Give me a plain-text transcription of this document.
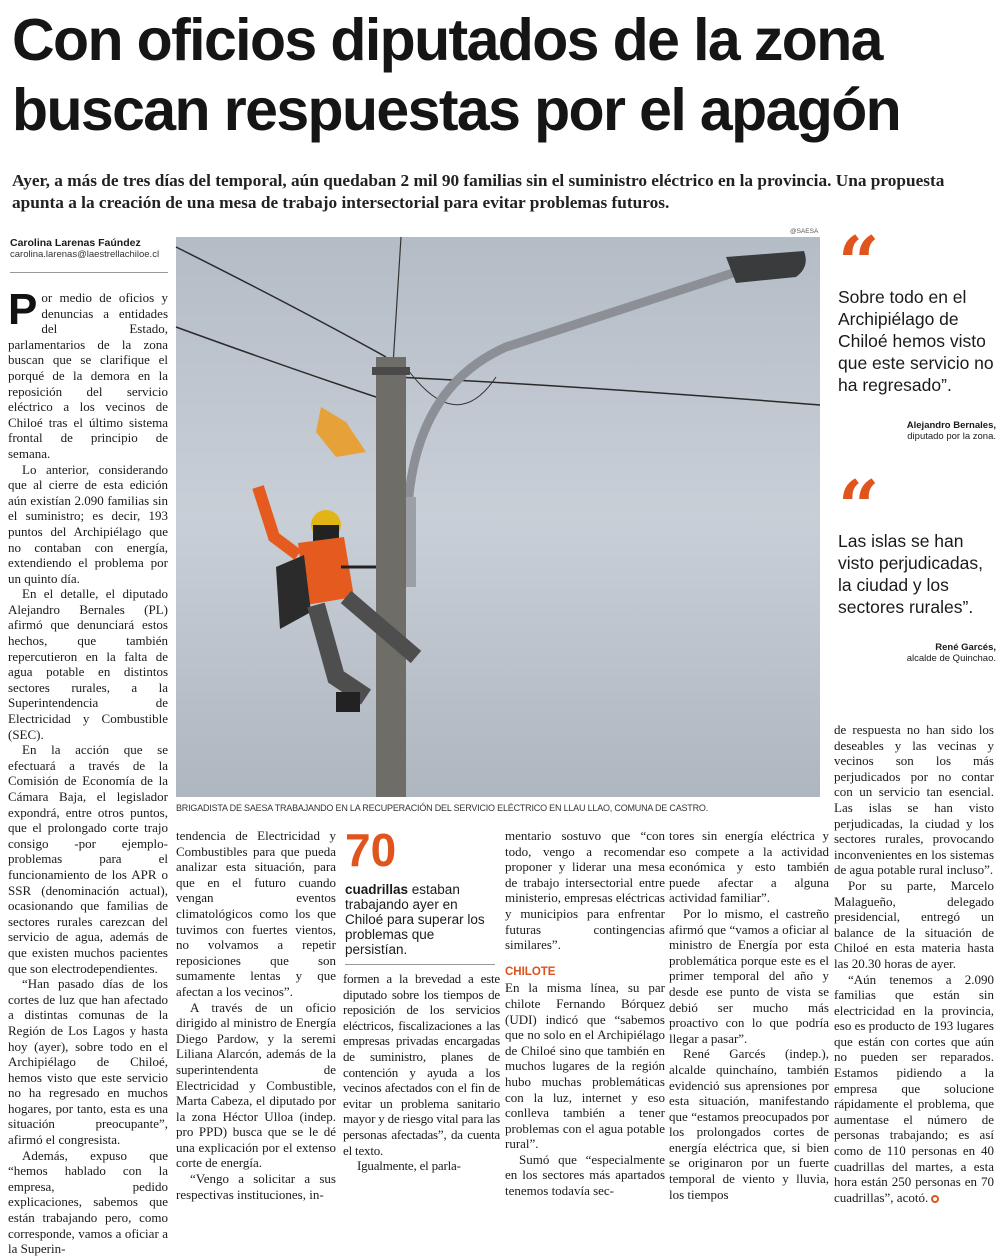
Con oficios diputados de la zona
buscan respuestas por el apagón
Ayer, a más de tres días del temporal, aún quedaban 2 mil 90 familias sin el suministro eléctrico en la provincia. Una propuesta apunta a la creación de una mesa de trabajo intersectorial para evitar problemas futuros.
Carolina Larenas Faúndez
carolina.larenas@laestrellachiloe.cl

Por medio de oficios y denuncias a entidades del Estado, parlamentarios de la zona buscan que se clarifique el porqué de la demora en la reposición del servicio eléctrico a los vecinos de Chiloé tras el último sistema frontal de principio de semana.

Lo anterior, considerando que al cierre de esta edición aún existían 2.090 familias sin el suministro; es decir, 193 puntos del Archipiélago que no contaban con energía, extendiendo el problema por un quinto día.

En el detalle, el diputado Alejandro Bernales (PL) afirmó que denunciará estos hechos, que también repercutieron en la falta de agua potable en distintos sectores rurales, a la Superintendencia de Electricidad y Combustible (SEC).

En la acción que se efectuará a través de la Comisión de Economía de la Cámara Baja, el legislador expondrá, entre otros puntos, que el prolongado corte trajo consigo -por ejemplo- problemas para el funcionamiento de los APR o SSR (denominación actual), ocasionando que familias de sectores rurales carezcan del servicio de agua, además de que existen muchos pacientes que son electrodependientes.

“Han pasado días de los cortes de luz que han afectado a distintas comunas de la Región de Los Lagos y hasta hoy (ayer), sobre todo en el Archipiélago de Chiloé, hemos visto que este servicio no ha regresado en muchos hogares, por tanto, esta es una situación preocupante”, afirmó el congresista.

Además, expuso que “hemos hablado con la empresa, pedido explicaciones, sabemos que están trabajando pero, como corresponde, vamos a oficiar a la Superin-

@SAESA
BRIGADISTA DE SAESA TRABAJANDO EN LA RECUPERACIÓN DEL SERVICIO ELÉCTRICO EN LLAU LLAO, COMUNA DE CASTRO.
“
Sobre todo en el Archipiélago de Chiloé hemos visto que este servicio no ha regresado”.
Alejandro Bernales,
diputado por la zona.
“
Las islas se han visto perjudicadas, la ciudad y los sectores rurales”.
René Garcés,
alcalde de Quinchao.

tendencia de Electricidad y Combustibles para que pueda analizar esta situación, para que en el futuro cuando vengan eventos climatológicos como los que tuvimos con fuertes vientos, no volvamos a repetir reposiciones que son sumamente lentas y que afectan a los vecinos”.

A través de un oficio dirigido al ministro de Energía Diego Pardow, y la seremi Liliana Alarcón, además de la superintendenta de Electricidad y Combustible, Marta Cabeza, el diputado por la zona Héctor Ulloa (indep. pro PPD) busca que se le dé una explicación por el extenso corte de energía.

“Vengo a solicitar a sus respectivas instituciones, in-

70
cuadrillas estaban trabajando ayer en Chiloé para superar los problemas que persistían.

formen a la brevedad a este diputado sobre los tiempos de reposición de los servicios eléctricos, fiscalizaciones a las empresas privadas encargadas de suministro, planes de contención y ayuda a los vecinos afectados con el fin de evitar un problema sanitario mayor y de riesgo vital para las personas afectadas”, da cuenta el texto.

Igualmente, el parla-

mentario sostuvo que “con todo, vengo a recomendar proponer y liderar una mesa de trabajo intersectorial entre ministerio, empresas eléctricas y municipios para enfrentar futuras contingencias similares”.

CHILOTE

En la misma línea, su par chilote Fernando Bórquez (UDI) indicó que “sabemos que no solo en el Archipiélago de Chiloé sino que también en muchos lugares de la región hubo muchas problemáticas con la luz, internet y eso conlleva también a tener problemas con el agua potable rural”.

Sumó que “especialmente en los sectores más apartados tenemos todavía sec-

tores sin energía eléctrica y eso compete a la actividad económica y esto también puede afectar a alguna actividad familiar”.

Por lo mismo, el castreño afirmó que “vamos a oficiar al ministro de Energía por esta problemática porque este es el primer temporal del año y desde ese punto de vista se debió ser mucho más proactivo con lo que podría llegar a pasar”.

René Garcés (indep.), alcalde quinchaíno, también evidenció sus aprensiones por esta situación, manifestando que “estamos preocupados por los prolongados cortes de energía eléctrica que, si bien se originaron por un fuerte temporal de viento y lluvia, los tiempos

de respuesta no han sido los deseables y las vecinas y vecinos son los más perjudicados por no contar con un servicio tan esencial. Las islas se han visto perjudicadas, la ciudad y los sectores rurales, provocando inconvenientes en los sistemas de agua potable rural incluso”.

Por su parte, Marcelo Malagueño, delegado presidencial, entregó un balance de la situación de Chiloé en esta materia hasta las 20.30 horas de ayer.

“Aún tenemos a 2.090 familias que están sin electricidad en la provincia, eso es producto de 193 lugares que están con cortes que aún no pueden ser reparados. Estamos pidiendo a la empresa que solucione rápidamente el problema, que aumentase el número de personas trabajando; es así como de 110 personas en 40 cuadrillas del martes, a esta hora están 250 personas en 70 cuadrillas”, acotó.
